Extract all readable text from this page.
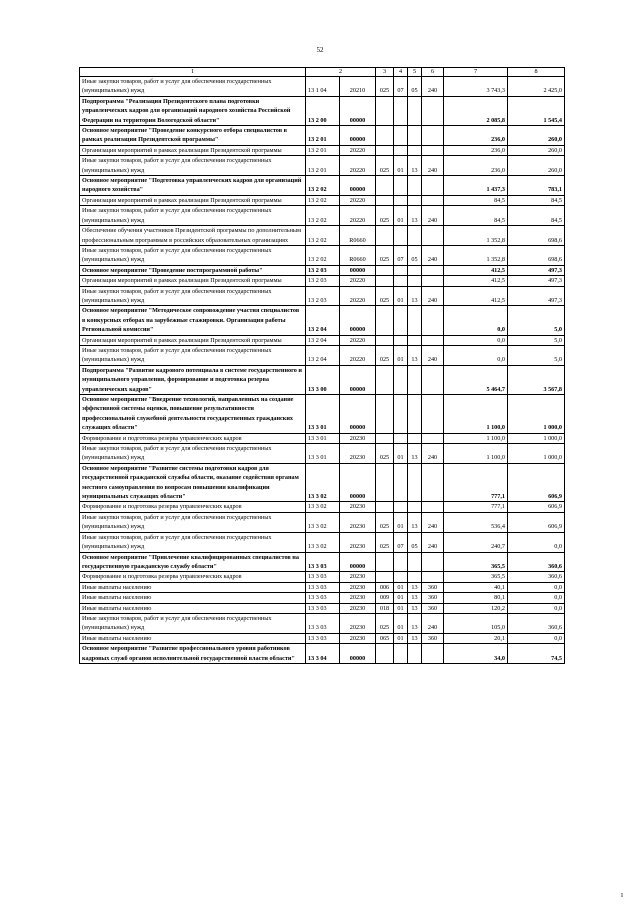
52
1	2		3	4	5	6	7	8
Иные закупки товаров, работ и услуг для обеспечения государственных (муниципальных) нужд	13 1 04	20210	025	07	05	240	3 743,3	2 425,0
Подпрограмма "Реализация Президентского плана подготовки управленческих кадров для организаций народного хозяйства Российской Федерации на территории Вологодской области"	13 2 00	00000					2 085,8	1 545,4
Основное мероприятие "Проведение конкурсного отбора специалистов в рамках реализации Президентской программы"	13 2 01	00000					236,0	260,0
Организация мероприятий в рамках реализации Президентской программы	13 2 01	20220					236,0	260,0
Иные закупки товаров, работ и услуг для обеспечения государственных (муниципальных) нужд	13 2 01	20220	025	01	13	240	236,0	260,0
Основное мероприятие "Подготовка управленческих кадров для организаций народного хозяйства"	13 2 02	00000					1 437,3	783,1
Организация мероприятий в рамках реализации Президентской программы	13 2 02	20220					84,5	84,5
Иные закупки товаров, работ и услуг для обеспечения государственных (муниципальных) нужд	13 2 02	20220	025	01	13	240	84,5	84,5
Обеспечение обучения участников Президентской программы по дополнительным профессиональным программам в российских образовательных организациях	13 2 02	R0660					1 352,8	698,6
Иные закупки товаров, работ и услуг для обеспечения государственных (муниципальных) нужд	13 2 02	R0660	025	07	05	240	1 352,8	698,6
Основное мероприятие "Проведение постпрограммной работы"	13 2 03	00000					412,5	497,3
Организация мероприятий в рамках реализации Президентской программы	13 2 03	20220					412,5	497,3
Иные закупки товаров, работ и услуг для обеспечения государственных (муниципальных) нужд	13 2 03	20220	025	01	13	240	412,5	497,3
Основное мероприятие "Методическое сопровождение участия специалистов в конкурсных отборах на зарубежные стажировки. Организация работы Региональной комиссии"	13 2 04	00000					0,0	5,0
Организация мероприятий в рамках реализации Президентской программы	13 2 04	20220					0,0	5,0
Иные закупки товаров, работ и услуг для обеспечения государственных (муниципальных) нужд	13 2 04	20220	025	01	13	240	0,0	5,0
Подпрограмма "Развитие кадрового потенциала в системе государственного и муниципального управления, формирование и подготовка резерва управленческих кадров"	13 3 00	00000					5 464,7	3 567,8
Основное мероприятие "Внедрение технологий, направленных на создание эффективной системы оценки, повышение результативности профессиональной служебной деятельности государственных гражданских служащих области"	13 3 01	00000					1 100,0	1 000,0
Формирование и подготовка резерва управленческих кадров	13 3 01	20230					1 100,0	1 000,0
Иные закупки товаров, работ и услуг для обеспечения государственных (муниципальных) нужд	13 3 01	20230	025	01	13	240	1 100,0	1 000,0
Основное мероприятие "Развитие системы подготовки кадров для государственной гражданской службы области, оказание содействия органам местного самоуправления по вопросам повышения квалификации муниципальных служащих области"	13 3 02	00000					777,1	606,9
Формирование и подготовка резерва управленческих кадров	13 3 02	20230					777,1	606,9
Иные закупки товаров, работ и услуг для обеспечения государственных (муниципальных) нужд	13 3 02	20230	025	01	13	240	536,4	606,9
Иные закупки товаров, работ и услуг для обеспечения государственных (муниципальных) нужд	13 3 02	20230	025	07	05	240	240,7	0,0
Основное мероприятие "Привлечение квалифицированных специалистов на государственную гражданскую службу области"	13 3 03	00000					365,5	360,6
Формирование и подготовка резерва управленческих кадров	13 3 03	20230					365,5	360,6
Иные выплаты населению	13 3 03	20230	006	01	13	360	40,1	0,0
Иные выплаты населению	13 3 03	20230	009	01	13	360	80,1	0,0
Иные выплаты населению	13 3 03	20230	018	01	13	360	120,2	0,0
Иные закупки товаров, работ и услуг для обеспечения государственных (муниципальных) нужд	13 3 03	20230	025	01	13	240	105,0	360,6
Иные выплаты населению	13 3 03	20230	065	01	13	360	20,1	0,0
Основное мероприятие "Развитие профессионального уровня работников кадровых служб органов исполнительной государственной власти области"	13 3 04	00000					34,0	74,5
I
